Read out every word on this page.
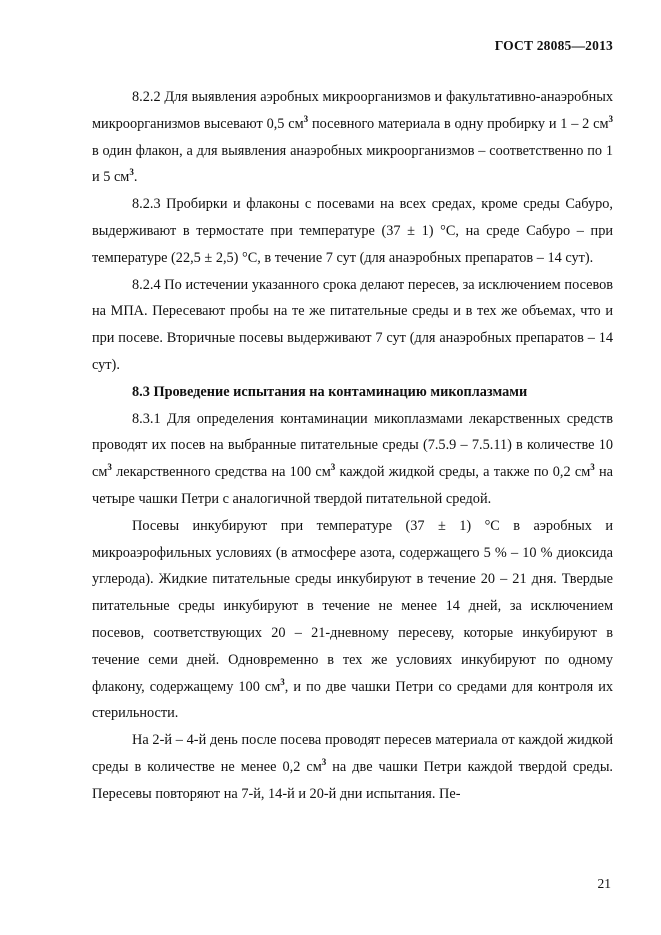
ГОСТ 28085—2013

8.2.2 Для выявления аэробных микроорганизмов и факультативно-анаэробных микроорганизмов высевают 0,5 $см^3$ посевного материала в одну пробирку и 1 – 2 $см^3$ в один флакон, а для выявления анаэробных микроорганизмов – соответственно по 1 и 5 $см^3$.

8.2.3 Пробирки и флаконы с посевами на всех средах, кроме среды Сабуро, выдерживают в термостате при температуре (37 ± 1) °С, на среде Сабуро – при температуре (22,5 ± 2,5) °С, в течение 7 сут (для анаэробных препаратов – 14 сут).

8.2.4 По истечении указанного срока делают пересев, за исключением посевов на МПА. Пересевают пробы на те же питательные среды и в тех же объемах, что и при посеве. Вторичные посевы выдерживают 7 сут (для анаэробных препаратов – 14 сут).

8.3 Проведение испытания на контаминацию микоплазмами

8.3.1 Для определения контаминации микоплазмами лекарственных средств проводят их посев на выбранные питательные среды (7.5.9 – 7.5.11) в количестве 10 $см^3$ лекарственного средства на 100 $см^3$ каждой жидкой среды, а также по 0,2 $см^3$ на четыре чашки Петри с аналогичной твердой питательной средой.

Посевы инкубируют при температуре (37 ± 1) °С в аэробных и микроаэрофильных условиях (в атмосфере азота, содержащего 5 % – 10 % диоксида углерода). Жидкие питательные среды инкубируют в течение 20 – 21 дня. Твердые питательные среды инкубируют в течение не менее 14 дней, за исключением посевов, соответствующих 20 – 21-дневному пересеву, которые инкубируют в течение семи дней. Одновременно в тех же условиях инкубируют по одному флакону, содержащему 100 $см^3$, и по две чашки Петри со средами для контроля их стерильности.

На 2-й – 4-й день после посева проводят пересев материала от каждой жидкой среды в количестве не менее 0,2 $см^3$ на две чашки Петри каждой твердой среды. Пересевы повторяют на 7-й, 14-й и 20-й дни испытания. Пе-

21
